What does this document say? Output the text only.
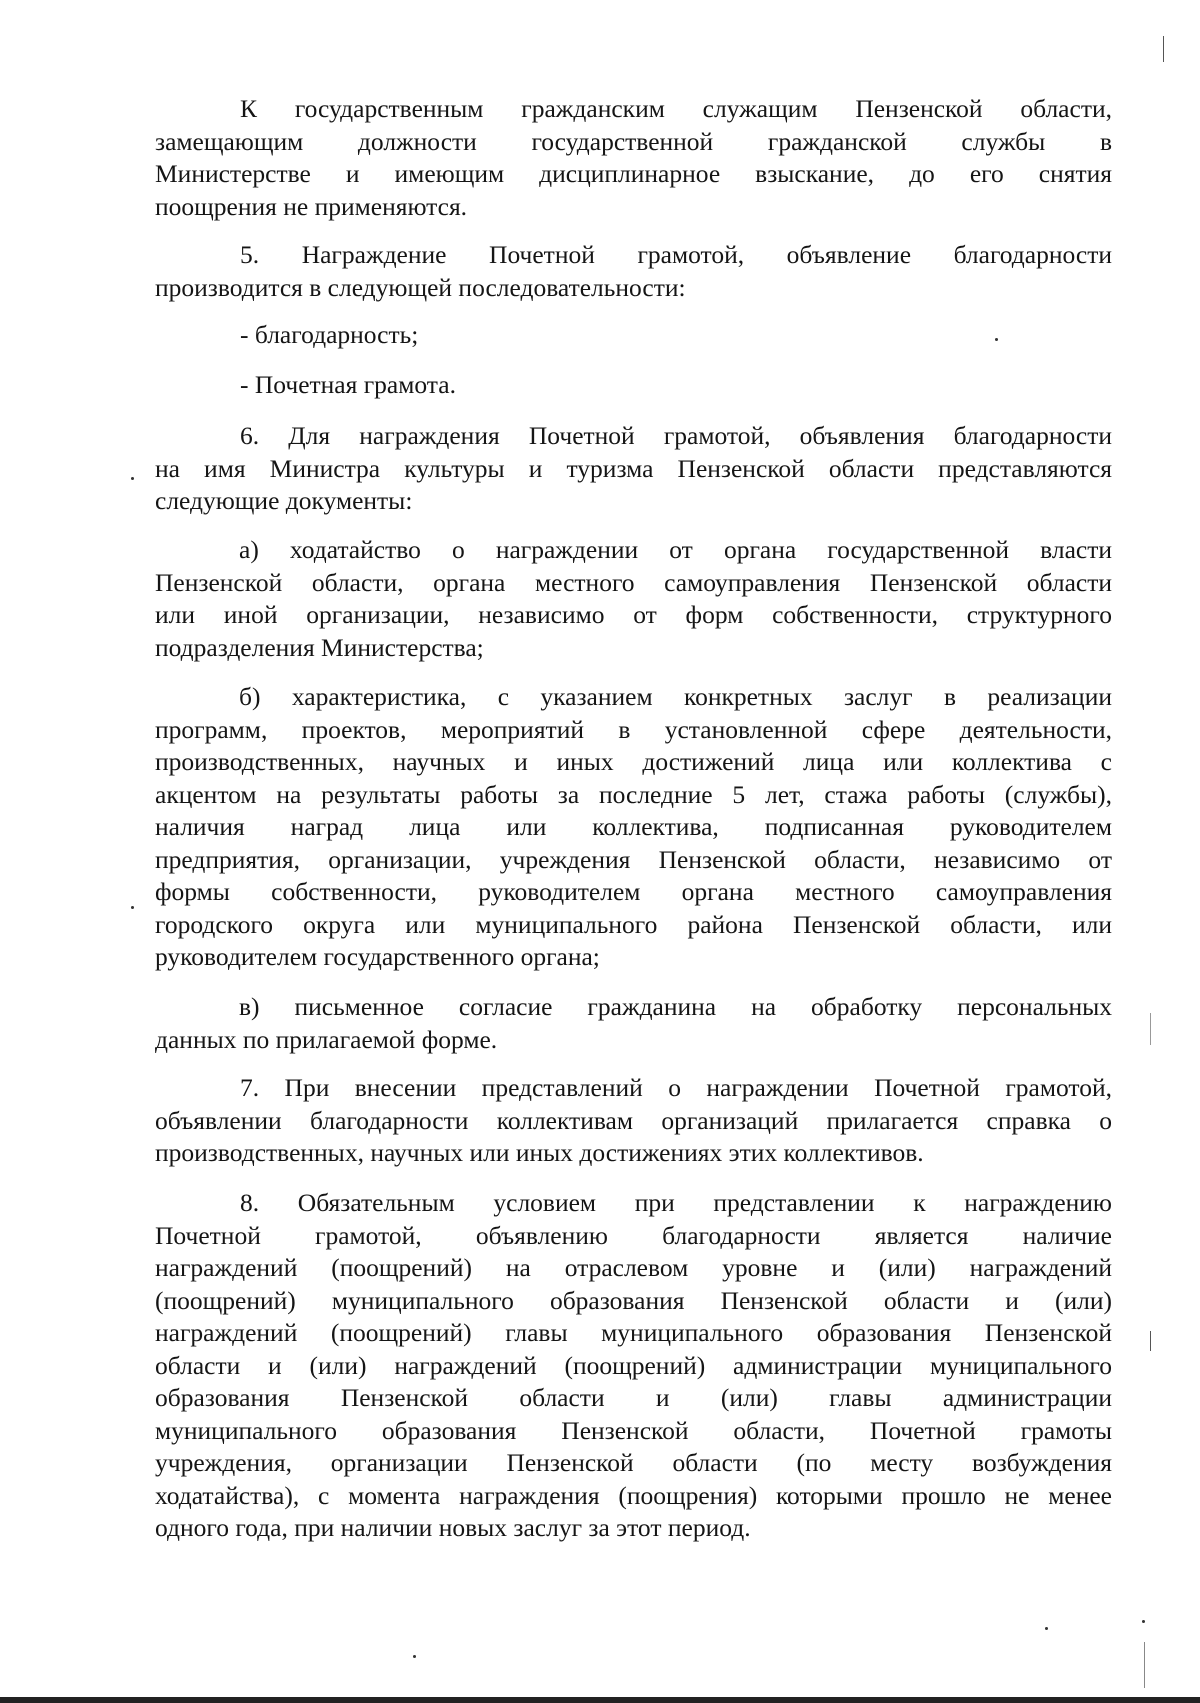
К государственным гражданским служащим Пензенской области,
замещающим должности государственной гражданской службы в
Министерстве и имеющим дисциплинарное взыскание, до его снятия
поощрения не применяются.
5. Награждение Почетной грамотой, объявление благодарности
производится в следующей последовательности:
- благодарность;
- Почетная грамота.
6. Для награждения Почетной грамотой, объявления благодарности
на имя Министра культуры и туризма Пензенской области представляются
следующие документы:
а) ходатайство о награждении от органа государственной власти
Пензенской области, органа местного самоуправления Пензенской области
или иной организации, независимо от форм собственности, структурного
подразделения Министерства;
б) характеристика, с указанием конкретных заслуг в реализации
программ, проектов, мероприятий в установленной сфере деятельности,
производственных, научных и иных достижений лица или коллектива с
акцентом на результаты работы за последние 5 лет, стажа работы (службы),
наличия наград лица или коллектива, подписанная руководителем
предприятия, организации, учреждения Пензенской области, независимо от
формы собственности, руководителем органа местного самоуправления
городского округа или муниципального района Пензенской области, или
руководителем государственного органа;
в) письменное согласие гражданина на обработку персональных
данных по прилагаемой форме.
7. При внесении представлений о награждении Почетной грамотой,
объявлении благодарности коллективам организаций прилагается справка о
производственных, научных или иных достижениях этих коллективов.
8. Обязательным условием при представлении к награждению
Почетной грамотой, объявлению благодарности является наличие
награждений (поощрений) на отраслевом уровне и (или) награждений
(поощрений) муниципального образования Пензенской области и (или)
награждений (поощрений) главы муниципального образования Пензенской
области и (или) награждений (поощрений) администрации муниципального
образования Пензенской области и (или) главы администрации
муниципального образования Пензенской области, Почетной грамоты
учреждения, организации Пензенской области (по месту возбуждения
ходатайства), с момента награждения (поощрения) которыми прошло не менее
одного года, при наличии новых заслуг за этот период.
